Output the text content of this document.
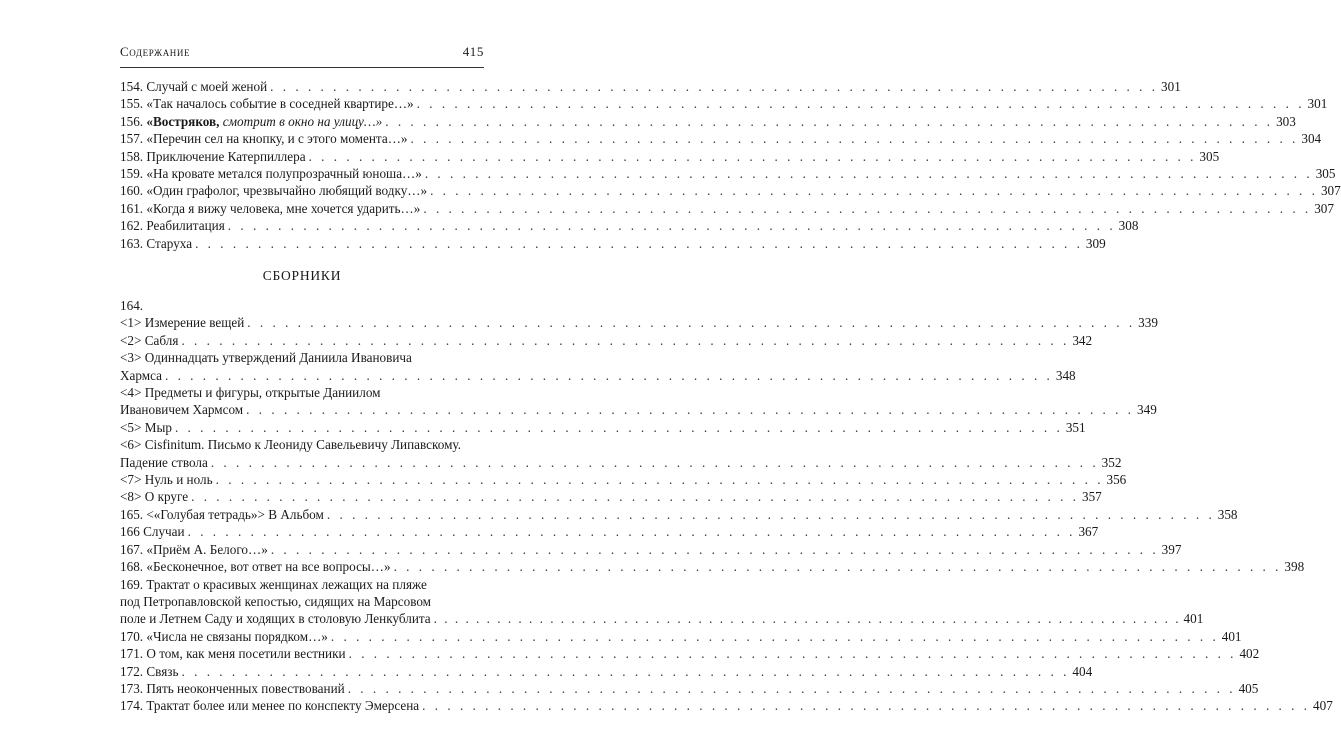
Содержание	415
154. Случай с моей женой . . .	301
155. «Так началось событие в соседней квартире…» . . .	301
156. «Востряков, смотрит в окно на улицу…» . . .	303
157. «Перечин сел на кнопку, и с этого момента…» . . .	304
158. Приключение Катерпиллера . . .	305
159. «На кровате метался полупрозрачный юноша…» . . .	305
160. «Один графолог, чрезвычайно любящий водку…» . . .	307
161. «Когда я вижу человека, мне хочется ударить…» . . .	307
162. Реабилитация . . .	308
163. Старуха . . .	309
СБОРНИКИ
164.
<1> Измерение вещей . . .	339
<2> Сабля . . .	342
<3> Одиннадцать утверждений Даниила Ивановича
Хармса . . .	348
<4> Предметы и фигуры, открытые Даниилом
Ивановичем Хармсом . . .	349
<5> Мыр . . .	351
<6> Cisfinitum. Письмо к Леониду Савельевичу Липавскому.
Падение ствола . . .	352
<7> Нуль и ноль . . .	356
<8> О круге . . .	357
165. <«Голубая тетрадь»> В Альбом . . .	358
166 Случаи . . .	367
167. «Приём А. Белого…» . . .	397
168. «Бесконечное, вот ответ на все вопросы…» . . .	398
169. Трактат о красивых женщинах лежащих на пляже
под Петропавловской кепостью, сидящих на Марсовом
поле и Летнем Саду и ходящих в столовую Ленкублита . . .	401
170. «Числа не связаны порядком…» . . .	401
171. О том, как меня посетили вестники . . .	402
172. Связь . . .	404
173. Пять неоконченных повествований . . .	405
174. Трактат более или менее по конспекту Эмерсена . . .	407
